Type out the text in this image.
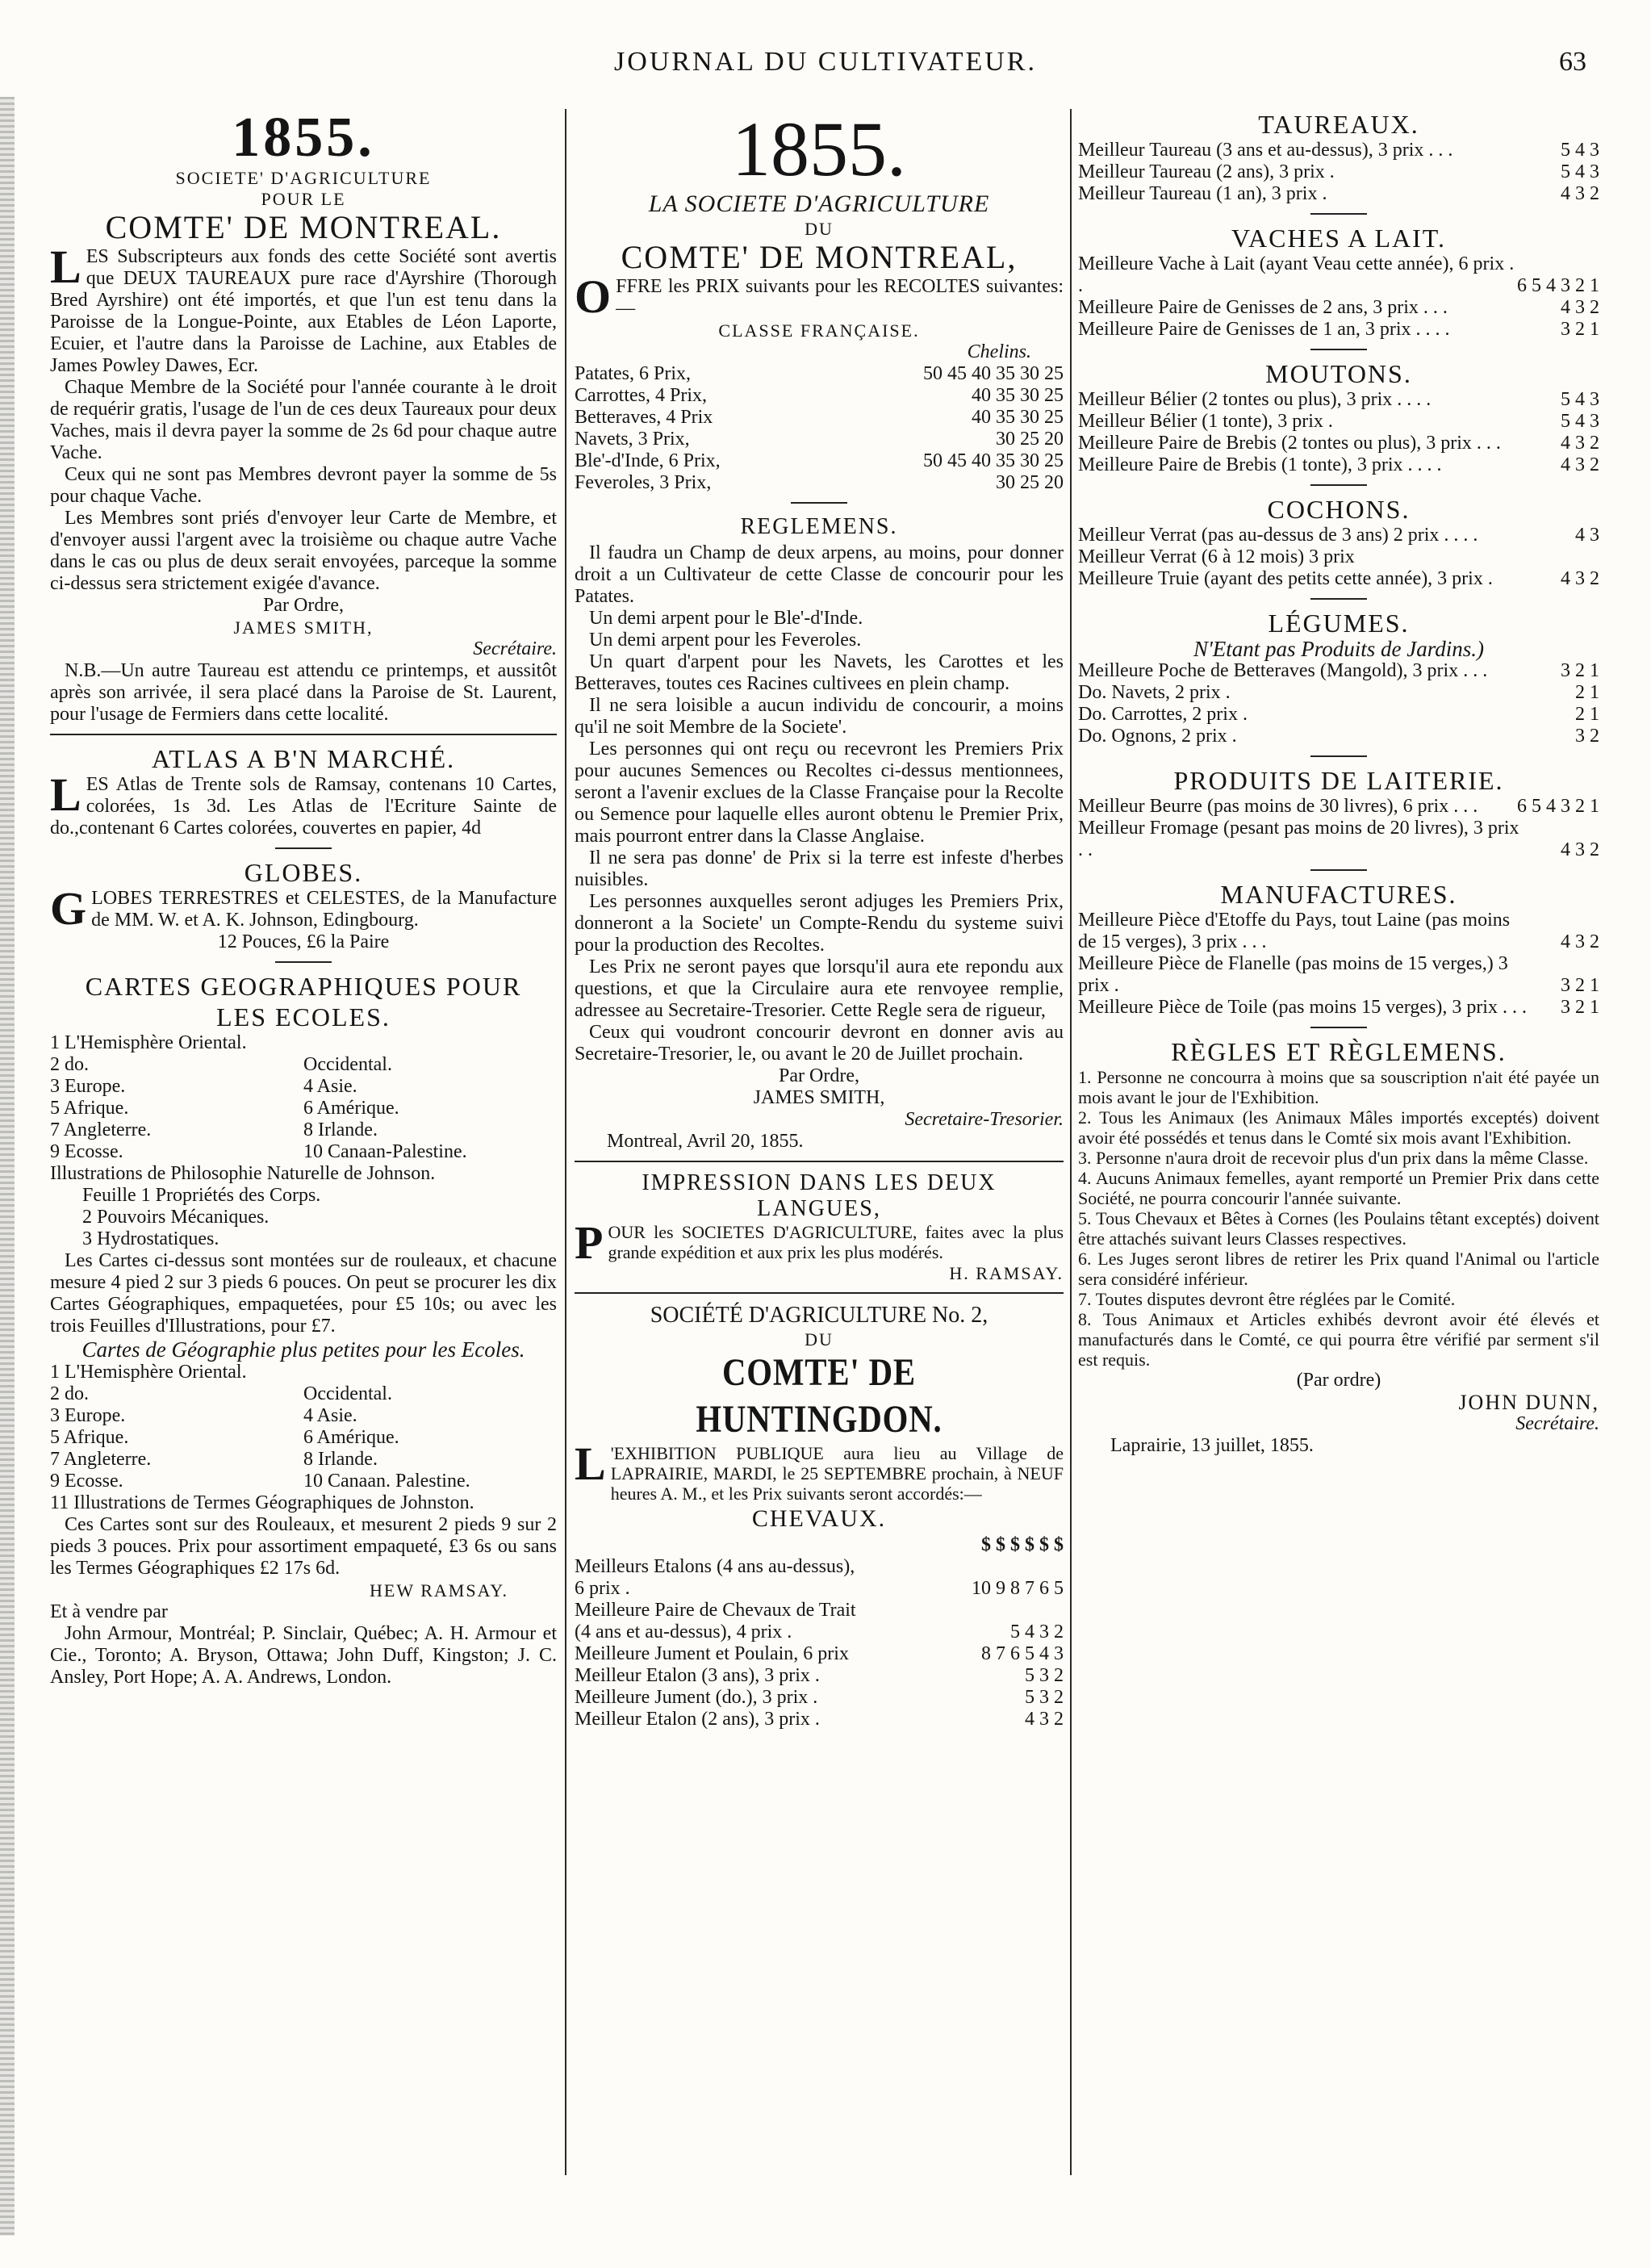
JOURNAL DU CULTIVATEUR.	63
1855.
SOCIETE' D'AGRICULTURE
POUR LE
COMTE' DE MONTREAL.

LES Subscripteurs aux fonds des cette Société sont avertis que DEUX TAUREAUX pure race d'Ayrshire (Thorough Bred Ayrshire) ont été importés, et que l'un est tenu dans la Paroisse de la Longue-Pointe, aux Etables de Léon Laporte, Ecuier, et l'autre dans la Paroisse de Lachine, aux Etables de James Powley Dawes, Ecr.

Chaque Membre de la Société pour l'année courante à le droit de requérir gratis, l'usage de l'un de ces deux Taureaux pour deux Vaches, mais il devra payer la somme de 2s 6d pour chaque autre Vache.

Ceux qui ne sont pas Membres devront payer la somme de 5s pour chaque Vache.

Les Membres sont priés d'envoyer leur Carte de Membre, et d'envoyer aussi l'argent avec la troisième ou chaque autre Vache dans le cas ou plus de deux serait envoyées, parceque la somme ci-dessus sera strictement exigée d'avance.

Par Ordre,
JAMES SMITH,
Secrétaire.

N.B.—Un autre Taureau est attendu ce printemps, et aussitôt après son arrivée, il sera placé dans la Paroise de St. Laurent, pour l'usage de Fermiers dans cette localité.

ATLAS A B'N MARCHÉ.

LES Atlas de Trente sols de Ramsay, contenans 10 Cartes, colorées, 1s 3d. Les Atlas de l'Ecriture Sainte de do.,contenant 6 Cartes colorées, couvertes en papier, 4d

GLOBES.

GLOBES TERRESTRES et CELESTES, de la Manufacture de MM. W. et A. K. Johnson, Edingbourg.

12 Pouces, £6 la Paire
CARTES GEOGRAPHIQUES POUR
LES ECOLES.
1 L'Hemisphère Oriental.
2 do.	Occidental.
3 Europe.	4 Asie.
5 Afrique.	6 Amérique.
7 Angleterre.	8 Irlande.
9 Ecosse.	10 Canaan-Palestine.
Illustrations de Philosophie Naturelle de Johnson.
Feuille 1 Propriétés des Corps.
2 Pouvoirs Mécaniques.
3 Hydrostatiques.

Les Cartes ci-dessus sont montées sur de rouleaux, et chacune mesure 4 pied 2 sur 3 pieds 6 pouces. On peut se procurer les dix Cartes Géographiques, empaquetées, pour £5 10s; ou avec les trois Feuilles d'Illustrations, pour £7.

Cartes de Géographie plus petites pour les Ecoles.
1 L'Hemisphère Oriental.
2 do.	Occidental.
3 Europe.	4 Asie.
5 Afrique.	6 Amérique.
7 Angleterre.	8 Irlande.
9 Ecosse.	10 Canaan. Palestine.
11 Illustrations de Termes Géographiques de Johnston.

Ces Cartes sont sur des Rouleaux, et mesurent 2 pieds 9 sur 2 pieds 3 pouces. Prix pour assortiment empaqueté, £3 6s ou sans les Termes Géographiques £2 17s 6d.

HEW RAMSAY.
Et à vendre par

John Armour, Montréal; P. Sinclair, Québec; A. H. Armour et Cie., Toronto; A. Bryson, Ottawa; John Duff, Kingston; J. C. Ansley, Port Hope; A. A. Andrews, London.

1855.
LA SOCIETE D'AGRICULTURE
DU
COMTE' DE MONTREAL,

OFFRE les PRIX suivants pour les RECOLTES suivantes:—

CLASSE FRANÇAISE.
Chelins.
Patates, 6 Prix,	50 45 40 35 30 25
Carrottes, 4 Prix,	40 35 30 25
Betteraves, 4 Prix	40 35 30 25
Navets, 3 Prix,	30 25 20
Ble'-d'Inde, 6 Prix,	50 45 40 35 30 25
Feveroles, 3 Prix,	30 25 20
REGLEMENS.

Il faudra un Champ de deux arpens, au moins, pour donner droit a un Cultivateur de cette Classe de concourir pour les Patates.

Un demi arpent pour le Ble'-d'Inde.

Un demi arpent pour les Feveroles.

Un quart d'arpent pour les Navets, les Carottes et les Betteraves, toutes ces Racines cultivees en plein champ.

Il ne sera loisible a aucun individu de concourir, a moins qu'il ne soit Membre de la Societe'.

Les personnes qui ont reçu ou recevront les Premiers Prix pour aucunes Semences ou Recoltes ci-dessus mentionnees, seront a l'avenir exclues de la Classe Française pour la Recolte ou Semence pour laquelle elles auront obtenu le Premier Prix, mais pourront entrer dans la Classe Anglaise.

Il ne sera pas donne' de Prix si la terre est infeste d'herbes nuisibles.

Les personnes auxquelles seront adjuges les Premiers Prix, donneront a la Societe' un Compte-Rendu du systeme suivi pour la production des Recoltes.

Les Prix ne seront payes que lorsqu'il aura ete repondu aux questions, et que la Circulaire aura ete renvoyee remplie, adressee au Secretaire-Tresorier. Cette Regle sera de rigueur,

Ceux qui voudront concourir devront en donner avis au Secretaire-Tresorier, le, ou avant le 20 de Juillet prochain.

Par Ordre,
JAMES SMITH,
Secretaire-Tresorier.
Montreal, Avril 20, 1855.
IMPRESSION DANS LES DEUX
LANGUES,

POUR les SOCIETES D'AGRICULTURE, faites avec la plus grande expédition et aux prix les plus modérés.

H. RAMSAY.
SOCIÉTÉ D'AGRICULTURE No. 2,
DU
COMTE' DE HUNTINGDON.

L 'EXHIBITION PUBLIQUE aura lieu au Village de LAPRAIRIE, MARDI, le 25 SEPTEMBRE prochain, à NEUF heures A. M., et les Prix suivants seront accordés:—

CHEVAUX.
$ $ $ $ $ $
Meilleurs Etalons (4 ans au-dessus),
6 prix .	10 9 8 7 6 5
Meilleure Paire de Chevaux de Trait
(4 ans et au-dessus), 4 prix .	5 4 3 2
Meilleure Jument et Poulain, 6 prix	8 7 6 5 4 3
Meilleur Etalon (3 ans), 3 prix .	5 3 2
Meilleure Jument (do.), 3 prix .	5 3 2
Meilleur Etalon (2 ans), 3 prix .	4 3 2
TAUREAUX.
Meilleur Taureau (3 ans et au-dessus), 3 prix . . .	5 4 3
Meilleur Taureau (2 ans), 3 prix .	5 4 3
Meilleur Taureau (1 an), 3 prix .	4 3 2
VACHES A LAIT.
Meilleure Vache à Lait (ayant Veau cette année), 6 prix . .	6 5 4 3 2 1
Meilleure Paire de Genisses de 2 ans, 3 prix . . .	4 3 2
Meilleure Paire de Genisses de 1 an, 3 prix . . . .	3 2 1
MOUTONS.
Meilleur Bélier (2 tontes ou plus), 3 prix . . . .	5 4 3
Meilleur Bélier (1 tonte), 3 prix .	5 4 3
Meilleure Paire de Brebis (2 tontes ou plus), 3 prix . . .	4 3 2
Meilleure Paire de Brebis (1 tonte), 3 prix . . . .	4 3 2
COCHONS.
Meilleur Verrat (pas au-dessus de 3 ans) 2 prix . . . .	4 3
Meilleur Verrat (6 à 12 mois) 3 prix
Meilleure Truie (ayant des petits cette année), 3 prix .	4 3 2
LÉGUMES.
N'Etant pas Produits de Jardins.)
Meilleure Poche de Betteraves (Mangold), 3 prix . . .	3 2 1
Do. Navets, 2 prix .	2 1
Do. Carrottes, 2 prix .	2 1
Do. Ognons, 2 prix .	3 2
PRODUITS DE LAITERIE.
Meilleur Beurre (pas moins de 30 livres), 6 prix . . .	6 5 4 3 2 1
Meilleur Fromage (pesant pas moins de 20 livres), 3 prix . .	4 3 2
MANUFACTURES.
Meilleure Pièce d'Etoffe du Pays, tout Laine (pas moins de 15 verges), 3 prix . . .	4 3 2
Meilleure Pièce de Flanelle (pas moins de 15 verges,) 3 prix .	3 2 1
Meilleure Pièce de Toile (pas moins 15 verges), 3 prix . . .	3 2 1
RÈGLES ET RÈGLEMENS.

1. Personne ne concourra à moins que sa souscription n'ait été payée un mois avant le jour de l'Exhibition.

2. Tous les Animaux (les Animaux Mâles importés exceptés) doivent avoir été possédés et tenus dans le Comté six mois avant l'Exhibition.

3. Personne n'aura droit de recevoir plus d'un prix dans la même Classe.

4. Aucuns Animaux femelles, ayant remporté un Premier Prix dans cette Société, ne pourra concourir l'année suivante.

5. Tous Chevaux et Bêtes à Cornes (les Poulains têtant exceptés) doivent être attachés suivant leurs Classes respectives.

6. Les Juges seront libres de retirer les Prix quand l'Animal ou l'article sera considéré inférieur.

7. Toutes disputes devront être réglées par le Comité.

8. Tous Animaux et Articles exhibés devront avoir été élevés et manufacturés dans le Comté, ce qui pourra être vérifié par serment s'il est requis.

(Par ordre)
JOHN DUNN,
Secrétaire.
Laprairie, 13 juillet, 1855.
